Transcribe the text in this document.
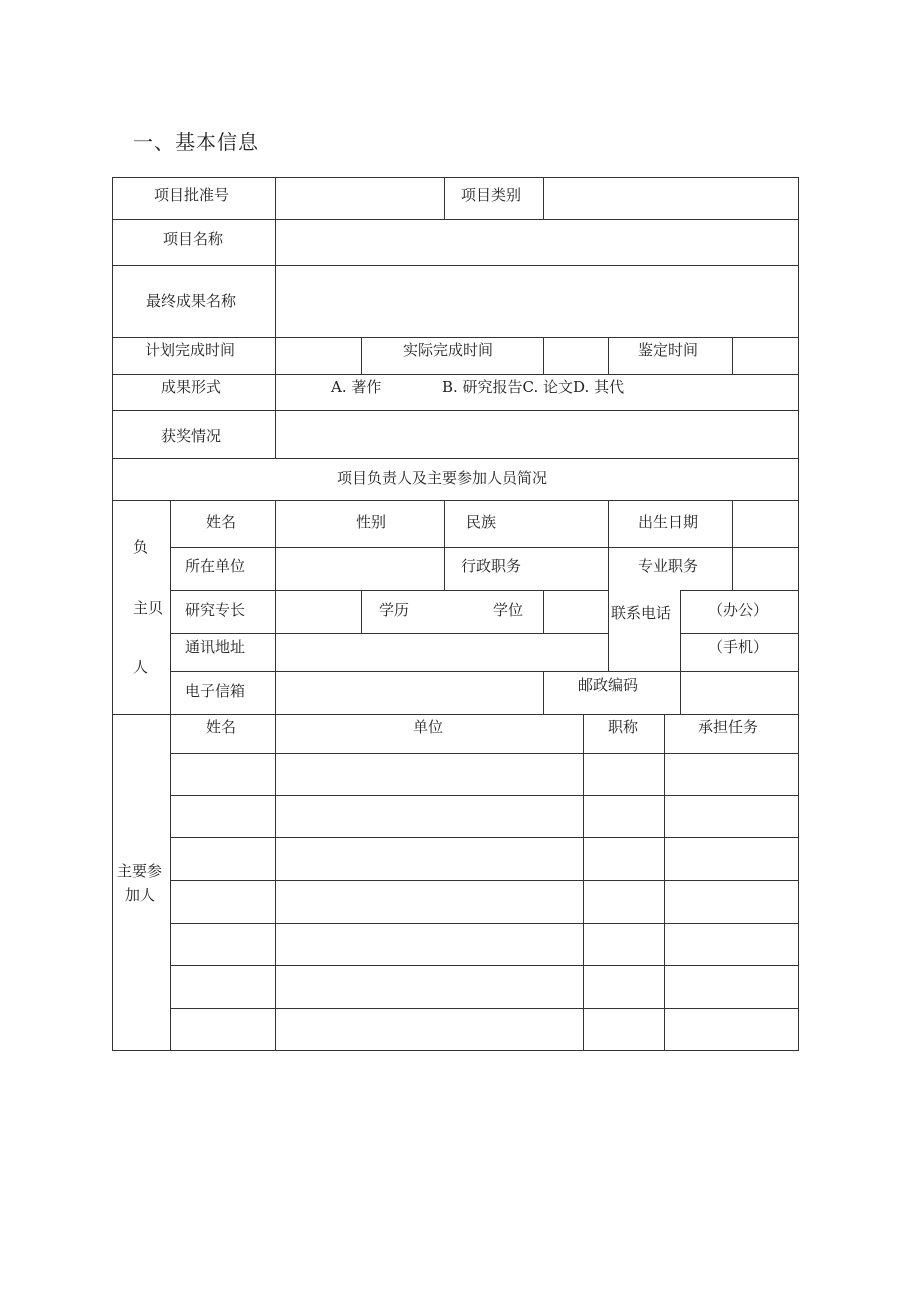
一、基本信息
项目批准号	项目类别
项目名称
最终成果名称
计划完成时间	实际完成时间	鉴定时间
成果形式	A. 著作	B. 研究报告C. 论文D. 其代
获奖情况
项目负责人及主要参加人员简况
负
主贝
人
姓名	性别	民族	出生日期
所在单位	行政职务	专业职务
研究专长	学历	学位	联系电话 （办公）
通讯地址	（手机）
电子信箱	邮政编码
主要参
加人
姓名	单位	职称	承担任务
